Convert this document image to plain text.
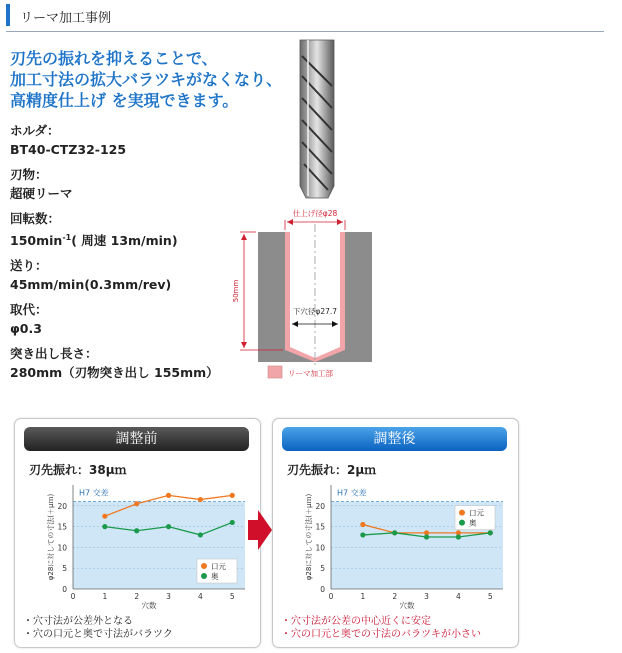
リーマ加工事例
刃先の振れを抑えることで、
加工寸法の拡大バラツキがなくなり、
高精度仕上げ を実現できます。
ホルダ：
BT40-CTZ32-125
刃物：
超硬リーマ
回転数：
$150\min^{-1}$( 周速 13m/min)
送り：
45mm/min(0.3mm/rev)
取代：
φ0.3
突き出し長さ：
280mm（刃物突き出し 155mm）
仕上げ径φ28
下穴径φ27.7
50mm
リーマ加工部
調整前
刃先振れ：38μｍ
0
5
10
15
20
0	1	2	3	4	5
穴数
φ28に対しての寸法(＋μｍ)
H7 交差
口元
奥
・穴寸法が公差外となる
・穴の口元と奥で寸法がバラツク
調整後
刃先振れ：2μｍ
0
5
10
15
20
0	1	2	3	4	5
穴数
φ28に対しての寸法(＋μｍ)
H7 交差
口元
奥
・穴寸法が公差の中心近くに安定
・穴の口元と奥での寸法のバラツキが小さい
